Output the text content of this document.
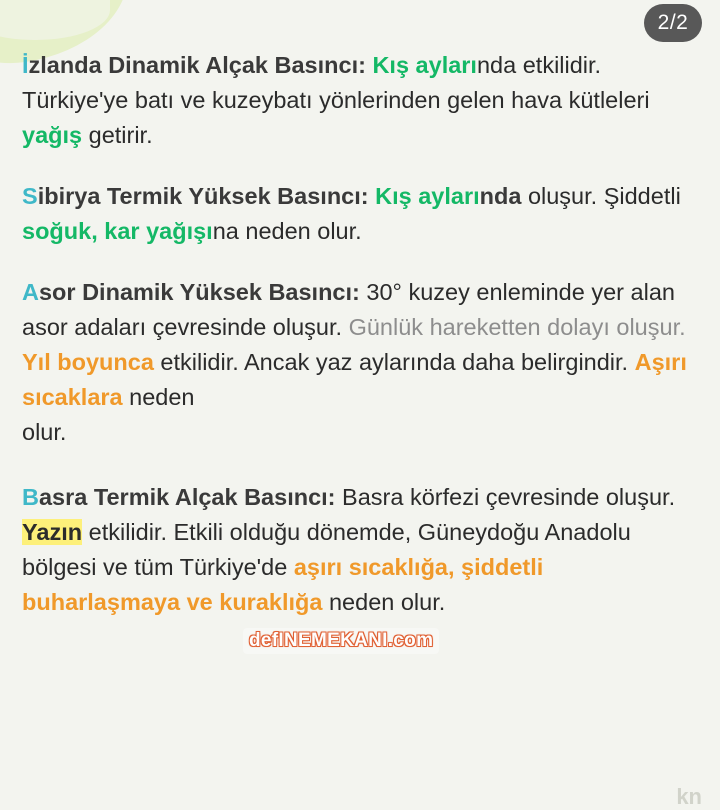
2/2

İzlanda Dinamik Alçak Basıncı: Kış aylarında etkilidir. Türkiye'ye batı ve kuzeybatı yönlerinden gelen hava kütleleri yağış getirir.

Sibirya Termik Yüksek Basıncı: Kış aylarında oluşur. Şiddetli soğuk, kar yağışına neden olur.

Asor Dinamik Yüksek Basıncı: 30° kuzey enleminde yer alan asor adaları çevresinde oluşur. Günlük hareketten dolayı oluşur. Yıl boyunca etkilidir. Ancak yaz aylarında daha belirgindir. Aşırı sıcaklara neden
olur.

Basra Termik Alçak Basıncı: Basra körfezi çevresinde oluşur. Yazın etkilidir. Etkili olduğu dönemde, Güneydoğu Anadolu bölgesi ve tüm Türkiye'de aşırı sıcaklığa, şiddetli buharlaşmaya ve kuraklığa neden olur.

defINEMEKANI.com
kn
